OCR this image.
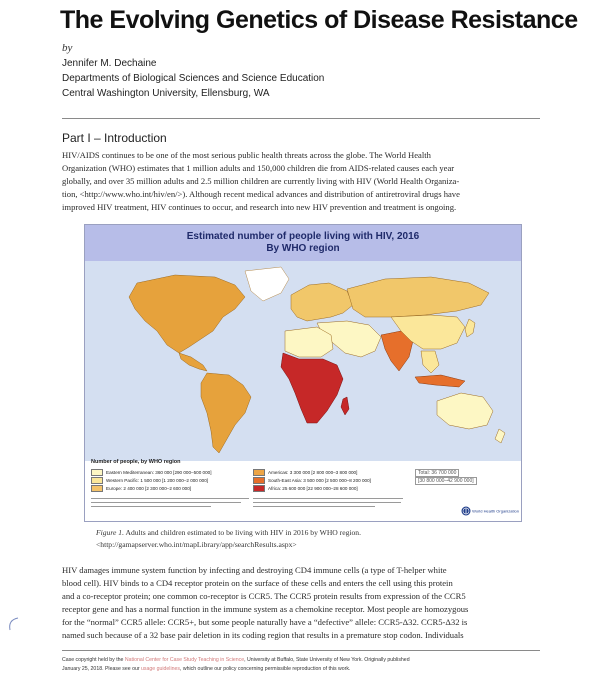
The Evolving Genetics of Disease Resistance
by
Jennifer M. Dechaine
Departments of Biological Sciences and Science Education
Central Washington University, Ellensburg, WA
Part I – Introduction

HIV/AIDS continues to be one of the most serious public health threats across the globe. The World Health

Organization (WHO) estimates that 1 million adults and 150,000 children die from AIDS-related causes each year

globally, and over 35 million adults and 2.5 million children are currently living with HIV (World Health Organiza-

tion, <http://www.who.int/hiv/en/>). Although recent medical advances and distribution of antiretroviral drugs have

improved HIV treatment, HIV continues to occur, and research into new HIV prevention and treatment is ongoing.

Estimated number of people living with HIV, 2016
By WHO region
Number of people, by WHO region
Eastern Mediterranean: 360 000 [290 000–500 000]
Western Pacific: 1 500 000 [1 200 000–2 000 000]
Europe: 2 400 000 [2 300 000–2 600 000]
Americas: 3 300 000 [2 800 000–3 800 000]
South-East Asia: 3 500 000 [2 500 000–8 200 000]
Africa: 25 600 000 [22 900 000–28 600 000]
Total: 36 700 000
[30 800 000–42 900 000]
World Health Organization
Figure 1. Adults and children estimated to be living with HIV in 2016 by WHO region. <http://gamapserver.who.int/mapLibrary/app/searchResults.aspx>

HIV damages immune system function by infecting and destroying CD4 immune cells (a type of T-helper white

blood cell). HIV binds to a CD4 receptor protein on the surface of these cells and enters the cell using this protein

and a co-receptor protein; one common co-receptor is CCR5. The CCR5 protein results from expression of the CCR5

receptor gene and has a normal function in the immune system as a chemokine receptor. Most people are homozygous

for the “normal” CCR5 allele: CCR5+, but some people naturally have a “defective” allele: CCR5-Δ32. CCR5-Δ32 is

named such because of a 32 base pair deletion in its coding region that results in a premature stop codon. Individuals

Case copyright held by the National Center for Case Study Teaching in Science, University at Buffalo, State University of New York. Originally published
January 25, 2018. Please see our usage guidelines, which outline our policy concerning permissible reproduction of this work.
